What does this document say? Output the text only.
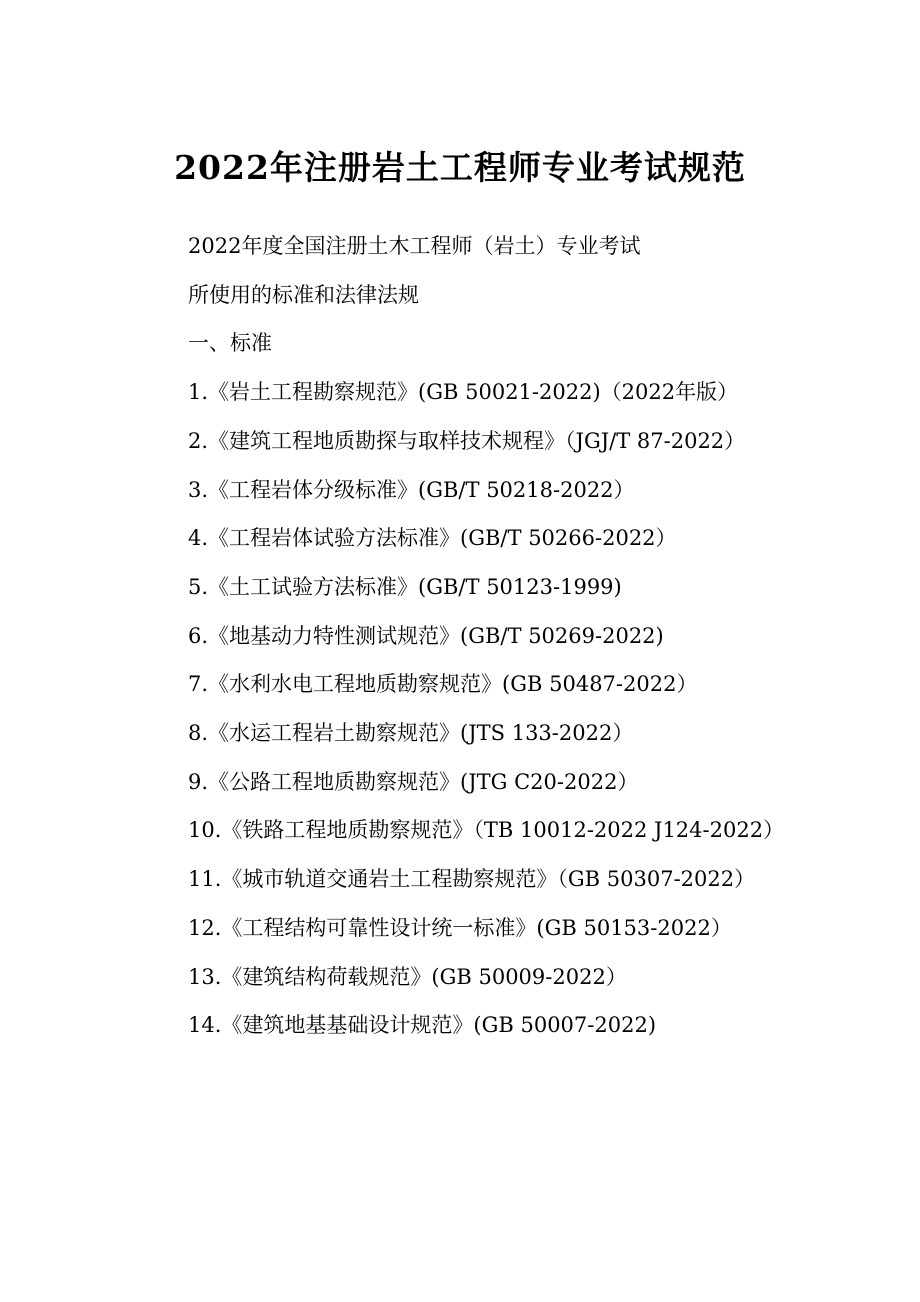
2022年注册岩土工程师专业考试规范

2022年度全国注册土木工程师（岩土）专业考试

所使用的标准和法律法规

一、标准

1.《岩土工程勘察规范》(GB 50021-2022)（2022年版）

2.《建筑工程地质勘探与取样技术规程》（JGJ/T 87-2022）

3.《工程岩体分级标准》(GB/T 50218-2022）

4.《工程岩体试验方法标准》(GB/T 50266-2022）

5.《土工试验方法标准》(GB/T 50123-1999)

6.《地基动力特性测试规范》(GB/T 50269-2022)

7.《水利水电工程地质勘察规范》(GB 50487-2022）

8.《水运工程岩土勘察规范》(JTS 133-2022）

9.《公路工程地质勘察规范》(JTG C20-2022）

10.《铁路工程地质勘察规范》（TB 10012-2022 J124-2022）

11.《城市轨道交通岩土工程勘察规范》（GB 50307-2022）

12.《工程结构可靠性设计统一标准》(GB 50153-2022）

13.《建筑结构荷载规范》(GB 50009-2022）

14.《建筑地基基础设计规范》(GB 50007-2022)
